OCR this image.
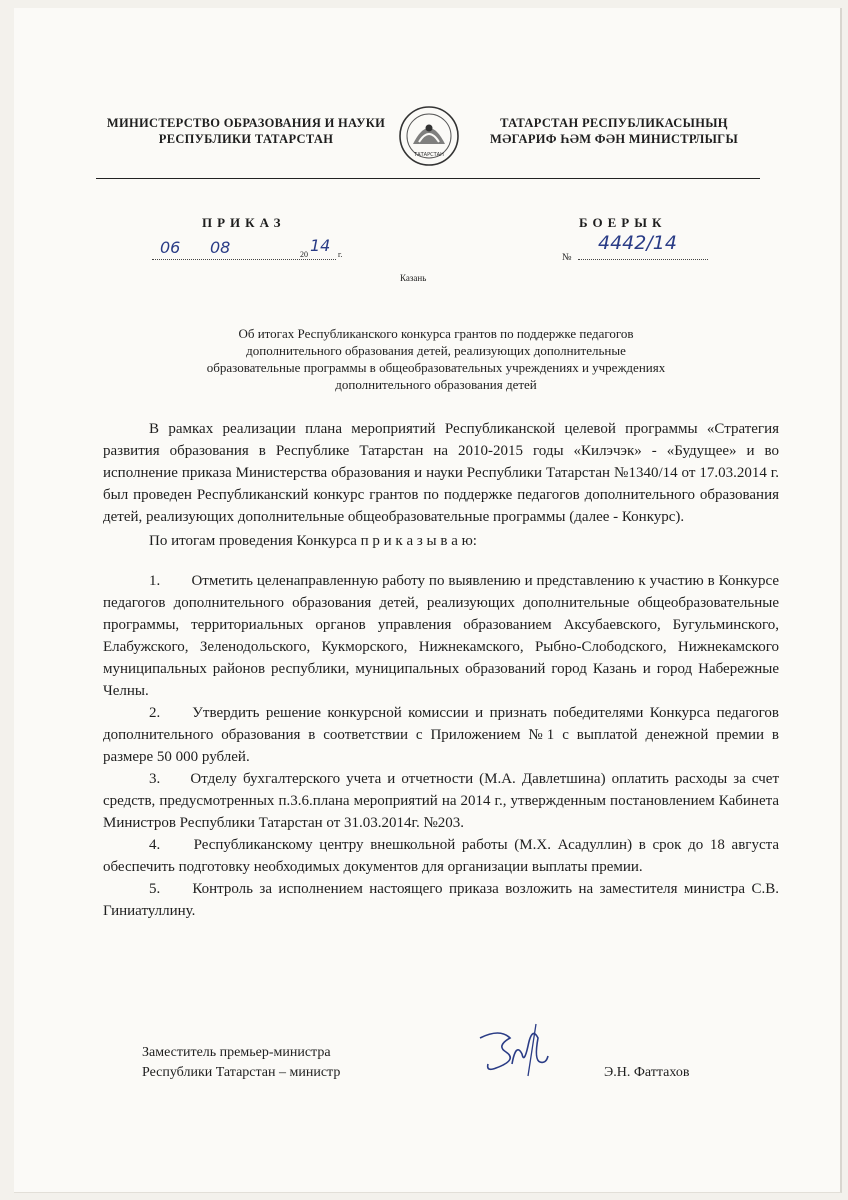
МИНИСТЕРСТВО ОБРАЗОВАНИЯ И НАУКИ
РЕСПУБЛИКИ ТАТАРСТАН
ТАТАРСТАН
ТАТАРСТАН РЕСПУБЛИКАСЫНЫҢ
МӘГАРИФ ҺӘМ ФӘН МИНИСТРЛЫГЫ
ПРИКАЗ	БОЕРЫК
06 08	20 14 г.	№
4442/14
Казань
Об итогах Республиканского конкурса грантов по поддержке педагогов
дополнительного образования детей, реализующих дополнительные
образовательные программы в общеобразовательных учреждениях и учреждениях
дополнительного образования детей

В рамках реализации плана мероприятий Республиканской целевой программы «Стратегия развития образования в Республике Татарстан на 2010-2015 годы «Килэчэк» - «Будущее» и во исполнение приказа Министерства образования и науки Республики Татарстан №1340/14 от 17.03.2014 г. был проведен Республиканский конкурс грантов по поддержке педагогов дополнительного образования детей, реализующих дополнительные общеобразовательные программы (далее - Конкурс).

По итогам проведения Конкурса п р и к а з ы в а ю:

1.        Отметить целенаправленную работу по выявлению и представлению к участию в Конкурсе педагогов дополнительного образования детей, реализующих дополнительные общеобразовательные программы, территориальных органов управления образованием Аксубаевского, Бугульминского, Елабужского, Зеленодольского, Кукморского, Нижнекамского, Рыбно-Слободского, Нижнекамского муниципальных районов республики, муниципальных образований город Казань и город Набережные Челны.

2.     Утвердить решение конкурсной комиссии и признать победителями Конкурса педагогов дополнительного образования в соответствии с Приложением №1 с выплатой денежной премии в размере 50 000 рублей.

3.     Отделу бухгалтерского учета и отчетности (М.А. Давлетшина) оплатить расходы за счет средств, предусмотренных п.3.6.плана мероприятий на 2014 г., утвержденным постановлением Кабинета Министров Республики Татарстан от 31.03.2014г. №203.

4.     Республиканскому центру внешкольной работы (М.Х. Асадуллин) в срок до 18 августа обеспечить подготовку необходимых документов для организации выплаты премии.

5.     Контроль за исполнением настоящего приказа возложить на заместителя министра С.В. Гиниатуллину.

Заместитель премьер-министра
Республики Татарстан – министр	Э.Н. Фаттахов
